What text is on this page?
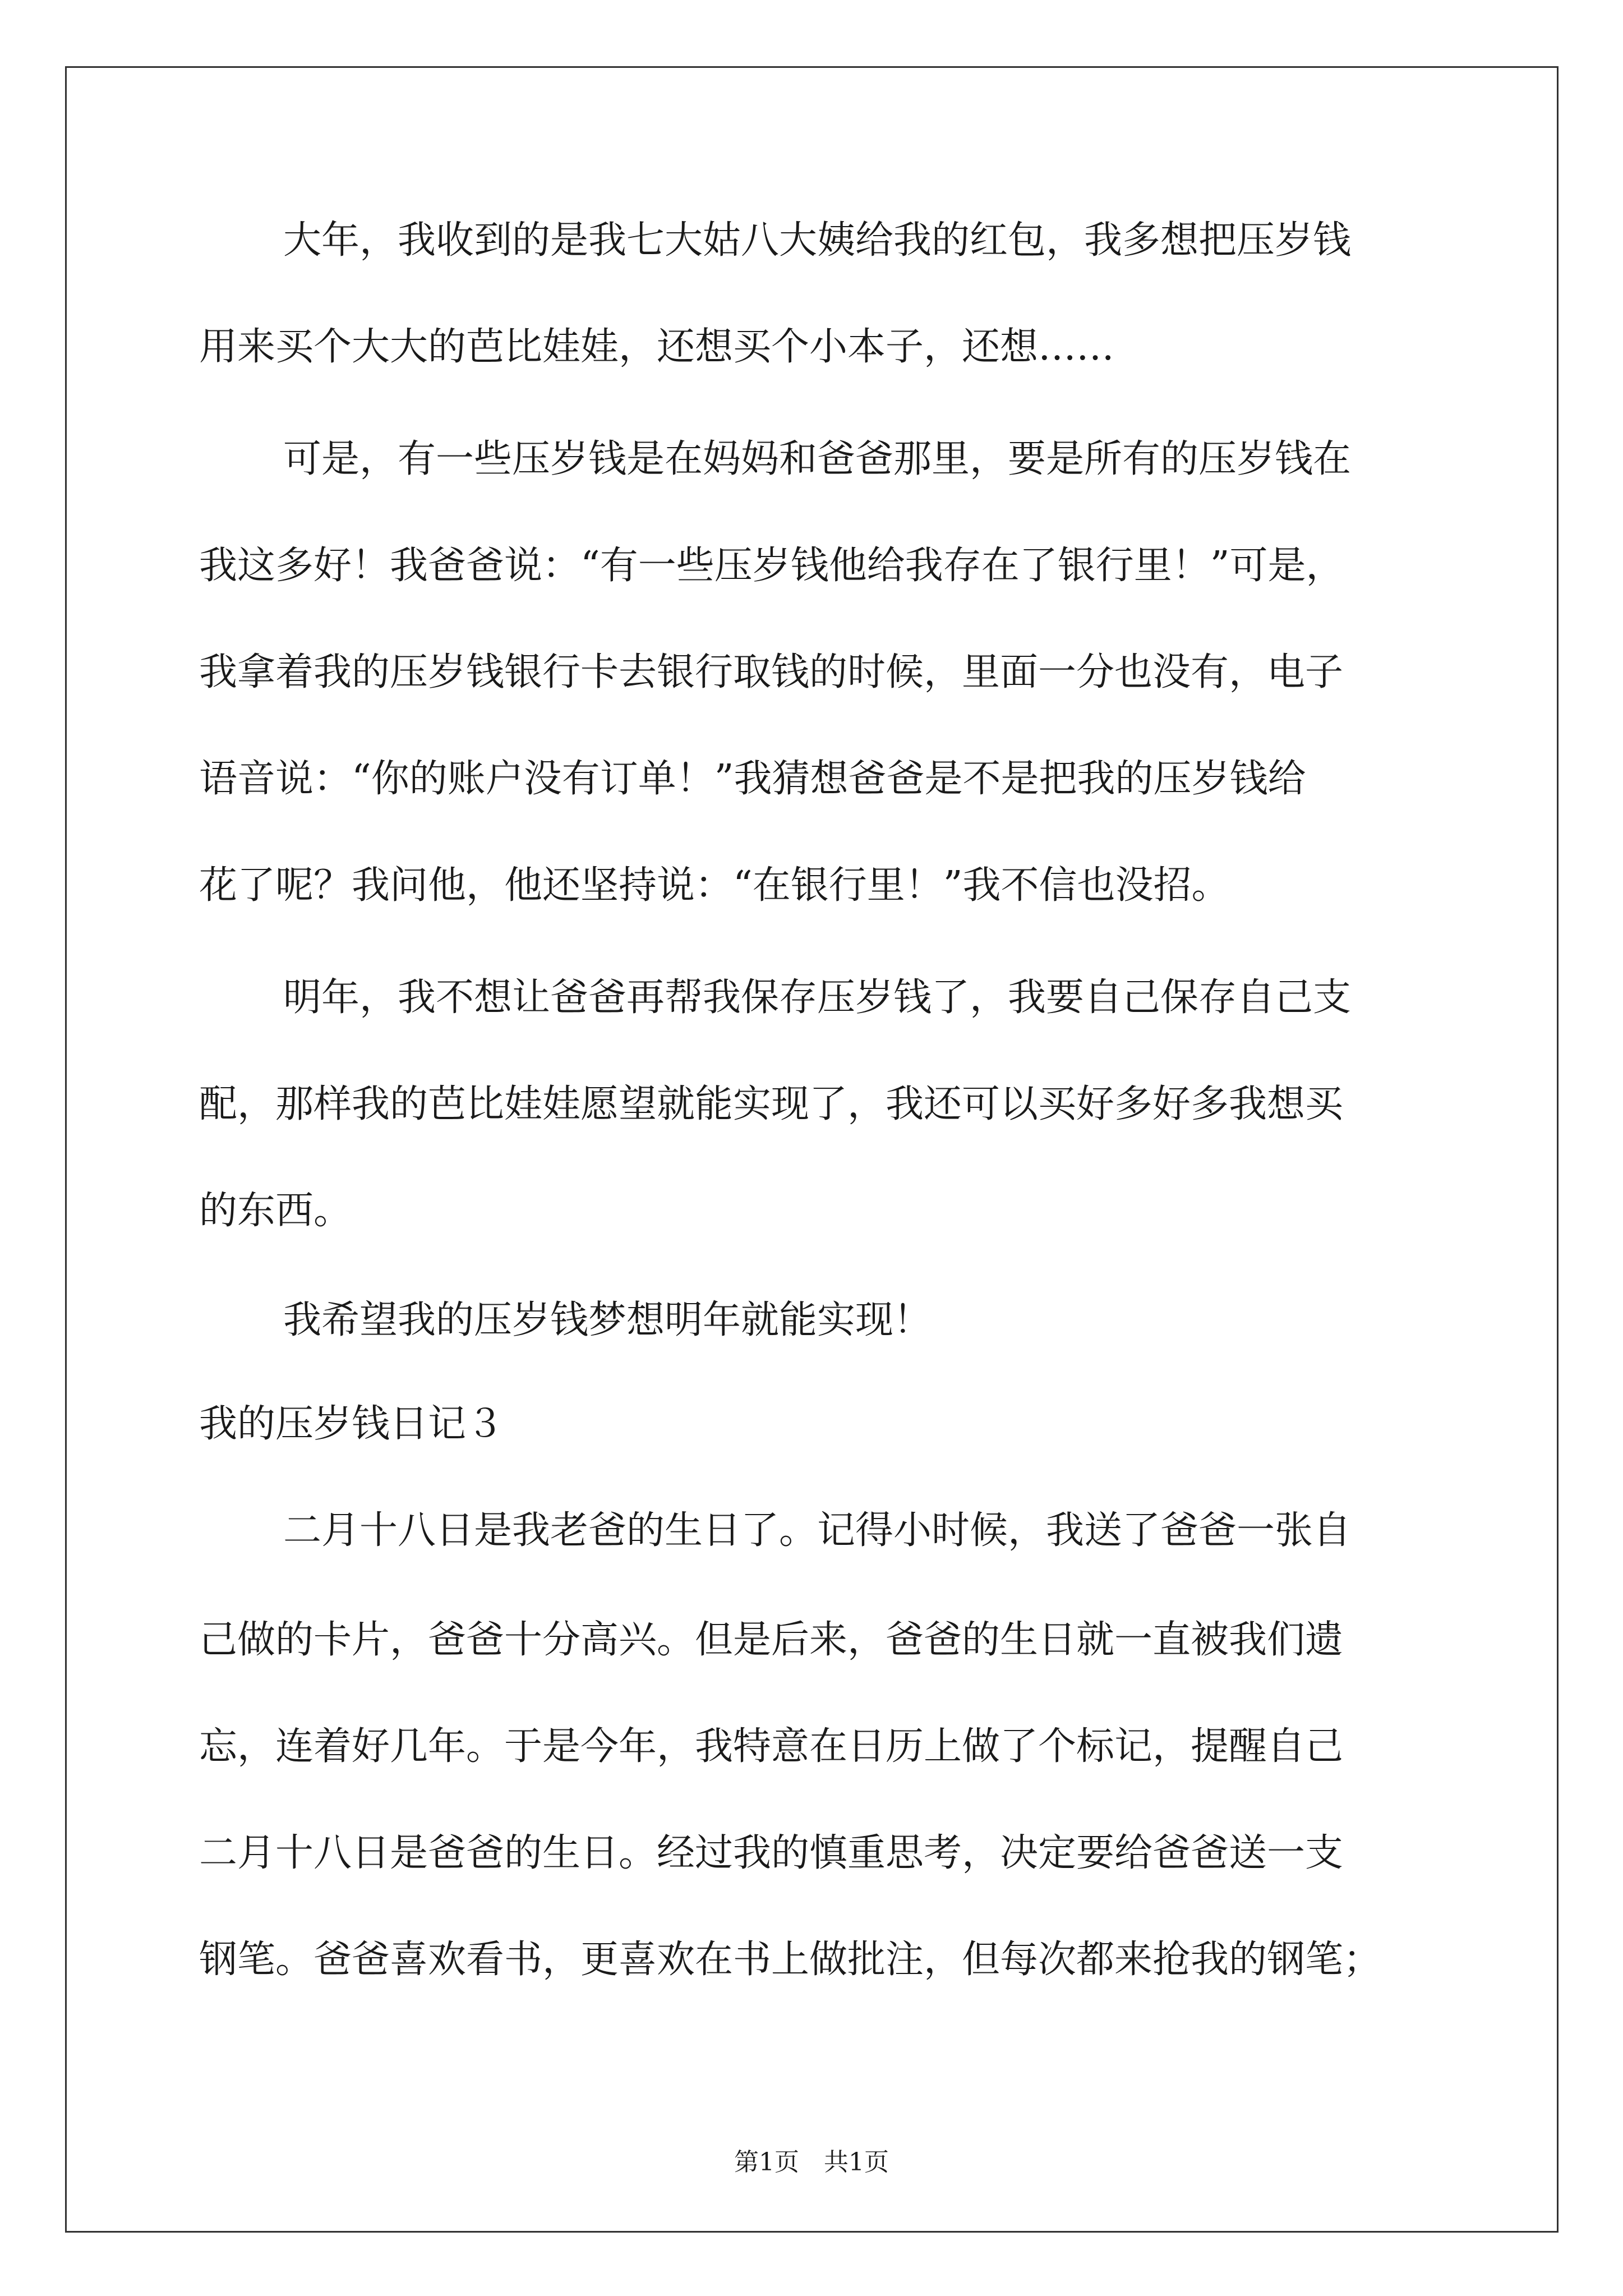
大年，我收到的是我七大姑八大姨给我的红包，我多想把压岁钱
用来买个大大的芭比娃娃，还想买个小本子，还想……
可是，有一些压岁钱是在妈妈和爸爸那里，要是所有的压岁钱在
我这多好！我爸爸说：“有一些压岁钱他给我存在了银行里！”可是，
我拿着我的压岁钱银行卡去银行取钱的时候，里面一分也没有，电子
语音说：“你的账户没有订单！”我猜想爸爸是不是把我的压岁钱给
花了呢？我问他，他还坚持说：“在银行里！”我不信也没招。
明年，我不想让爸爸再帮我保存压岁钱了，我要自己保存自己支
配，那样我的芭比娃娃愿望就能实现了，我还可以买好多好多我想买
的东西。
我希望我的压岁钱梦想明年就能实现！
我的压岁钱日记３
二月十八日是我老爸的生日了。记得小时候，我送了爸爸一张自
己做的卡片，爸爸十分高兴。但是后来，爸爸的生日就一直被我们遗
忘，连着好几年。于是今年，我特意在日历上做了个标记，提醒自己
二月十八日是爸爸的生日。经过我的慎重思考，决定要给爸爸送一支
钢笔。爸爸喜欢看书，更喜欢在书上做批注，但每次都来抢我的钢笔；
第1页　共1页
